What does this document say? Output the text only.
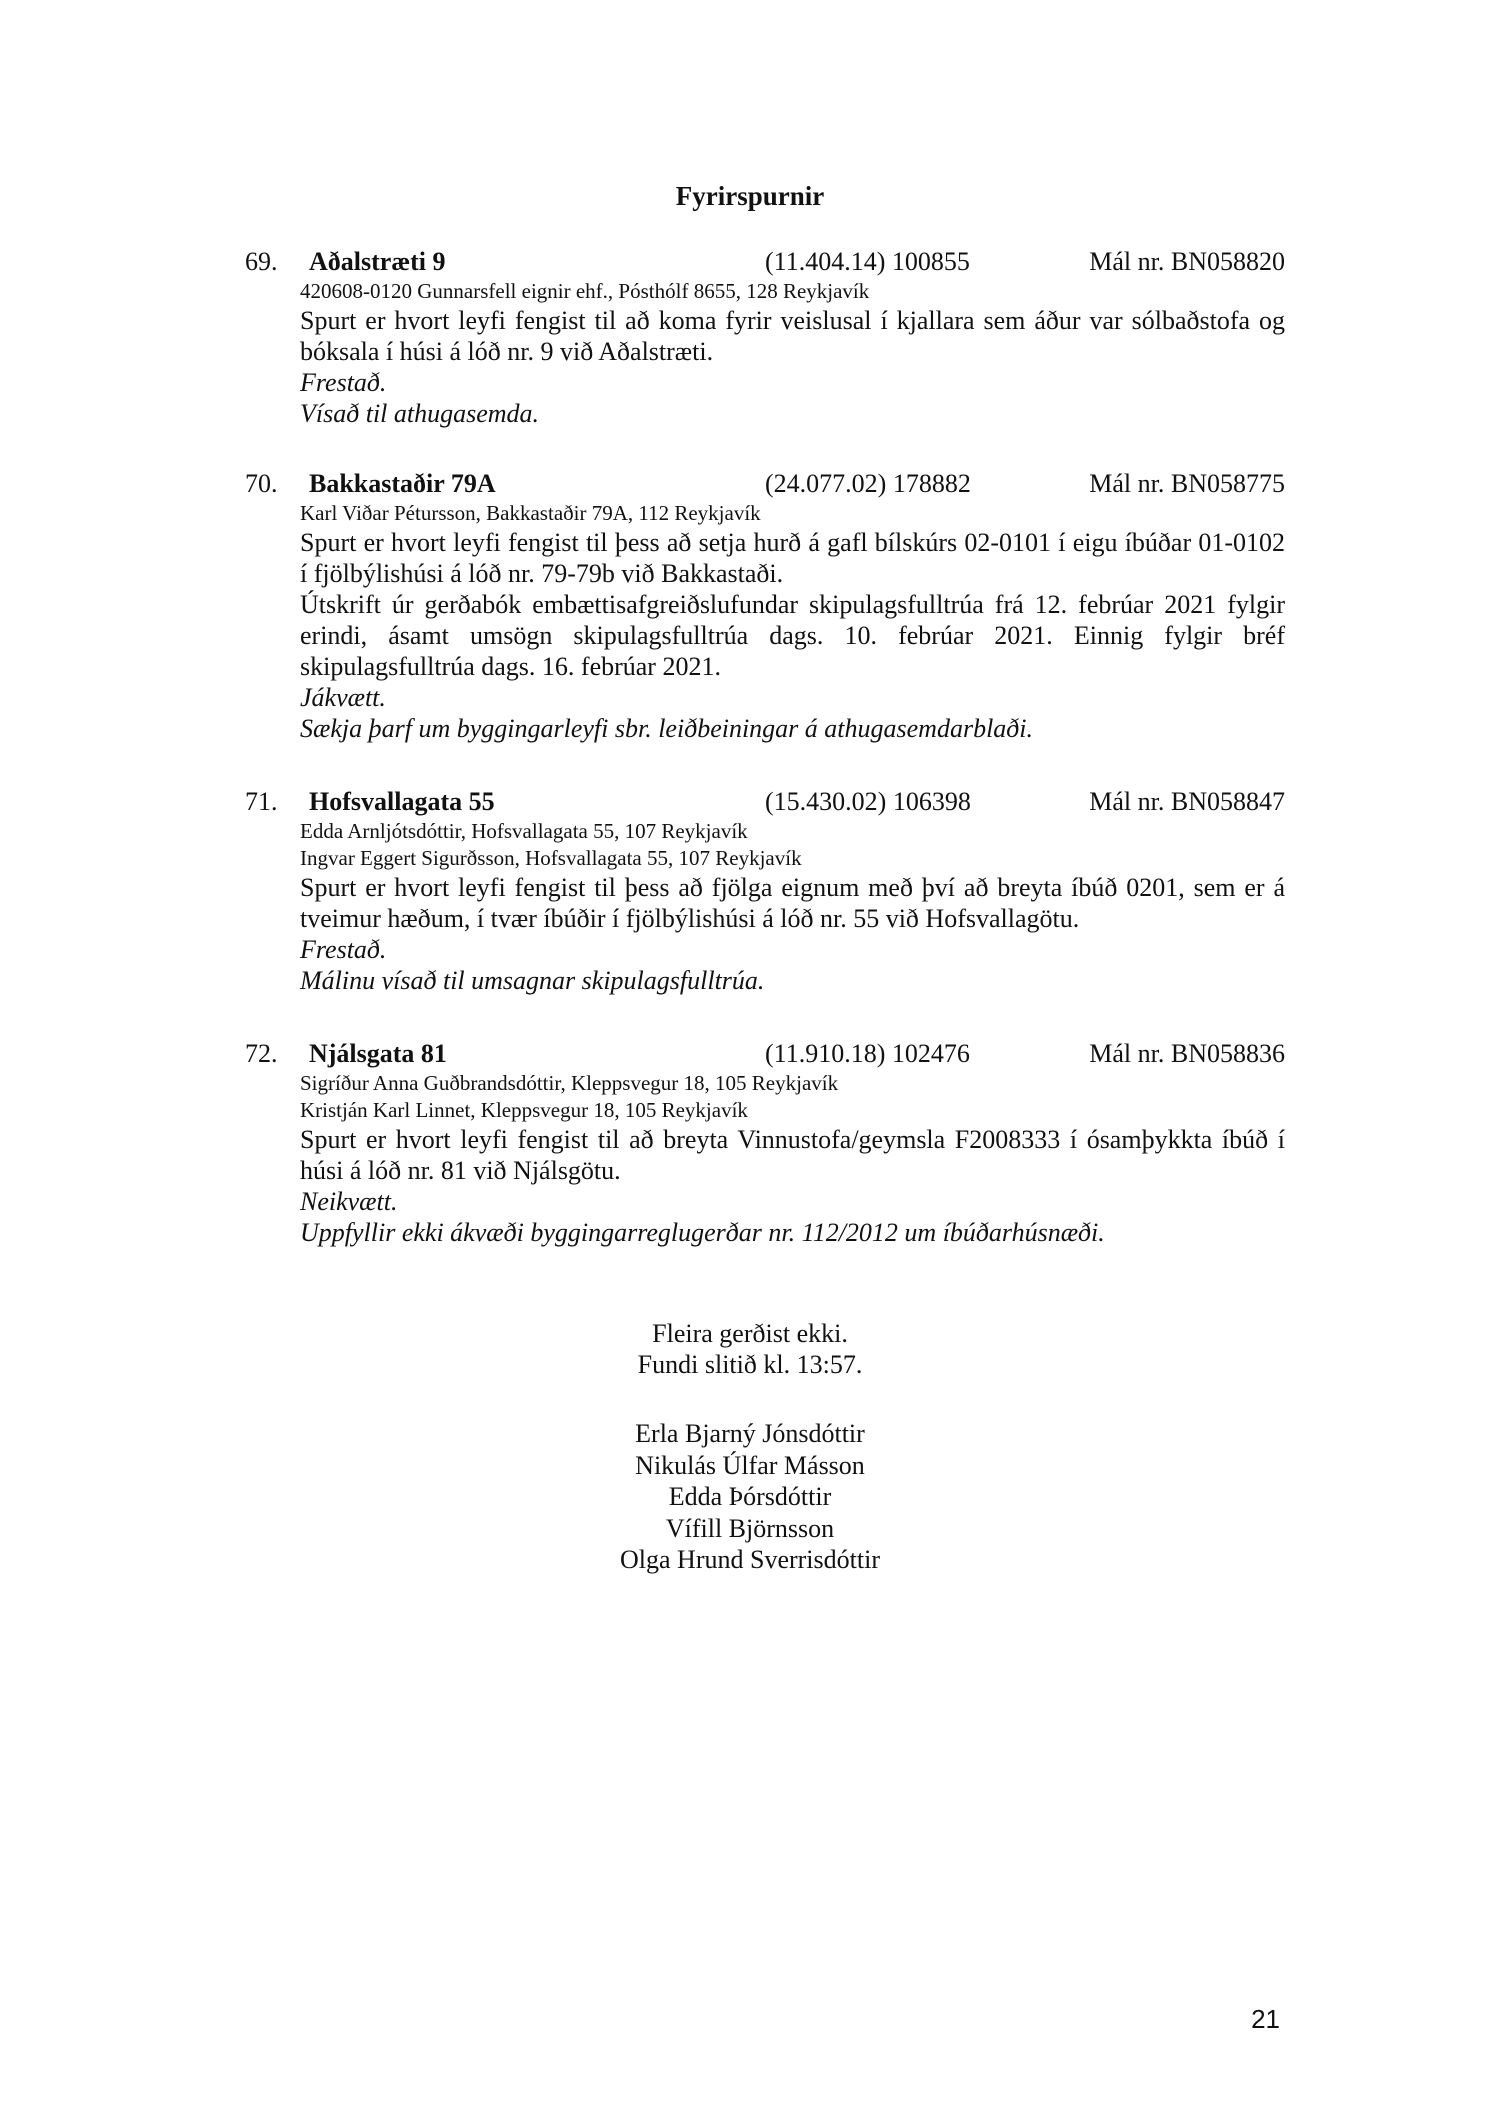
Fyrirspurnir
69. Aðalstræti 9	(11.404.14) 100855	Mál nr. BN058820
420608-0120 Gunnarsfell eignir ehf., Pósthólf 8655, 128 Reykjavík

Spurt er hvort leyfi fengist til að koma fyrir veislusal í kjallara sem áður var sólbaðstofa og bóksala í húsi á lóð nr. 9 við Aðalstræti.

Frestað.
Vísað til athugasemda.
70. Bakkastaðir 79A	(24.077.02) 178882	Mál nr. BN058775
Karl Viðar Pétursson, Bakkastaðir 79A, 112 Reykjavík

Spurt er hvort leyfi fengist til þess að setja hurð á gafl bílskúrs 02-0101 í eigu íbúðar 01-0102 í fjölbýlishúsi á lóð nr. 79-79b við Bakkastaði.

Útskrift úr gerðabók embættisafgreiðslufundar skipulagsfulltrúa frá 12. febrúar 2021 fylgir erindi, ásamt umsögn skipulagsfulltrúa dags. 10. febrúar 2021. Einnig fylgir bréf skipulagsfulltrúa dags. 16. febrúar 2021.

Jákvætt.
Sækja þarf um byggingarleyfi sbr. leiðbeiningar á athugasemdarblaði.
71. Hofsvallagata 55	(15.430.02) 106398	Mál nr. BN058847
Edda Arnljótsdóttir, Hofsvallagata 55, 107 Reykjavík
Ingvar Eggert Sigurðsson, Hofsvallagata 55, 107 Reykjavík

Spurt er hvort leyfi fengist til þess að fjölga eignum með því að breyta íbúð 0201, sem er á tveimur hæðum, í tvær íbúðir í fjölbýlishúsi á lóð nr. 55 við Hofsvallagötu.

Frestað.
Málinu vísað til umsagnar skipulagsfulltrúa.
72. Njálsgata 81	(11.910.18) 102476	Mál nr. BN058836
Sigríður Anna Guðbrandsdóttir, Kleppsvegur 18, 105 Reykjavík
Kristján Karl Linnet, Kleppsvegur 18, 105 Reykjavík

Spurt er hvort leyfi fengist til að breyta Vinnustofa/geymsla F2008333 í ósamþykkta íbúð í húsi á lóð nr. 81 við Njálsgötu.

Neikvætt.
Uppfyllir ekki ákvæði byggingarreglugerðar nr. 112/2012 um íbúðarhúsnæði.
Fleira gerðist ekki.
Fundi slitið kl. 13:57.
Erla Bjarný Jónsdóttir
Nikulás Úlfar Másson
Edda Þórsdóttir
Vífill Björnsson
Olga Hrund Sverrisdóttir
21
